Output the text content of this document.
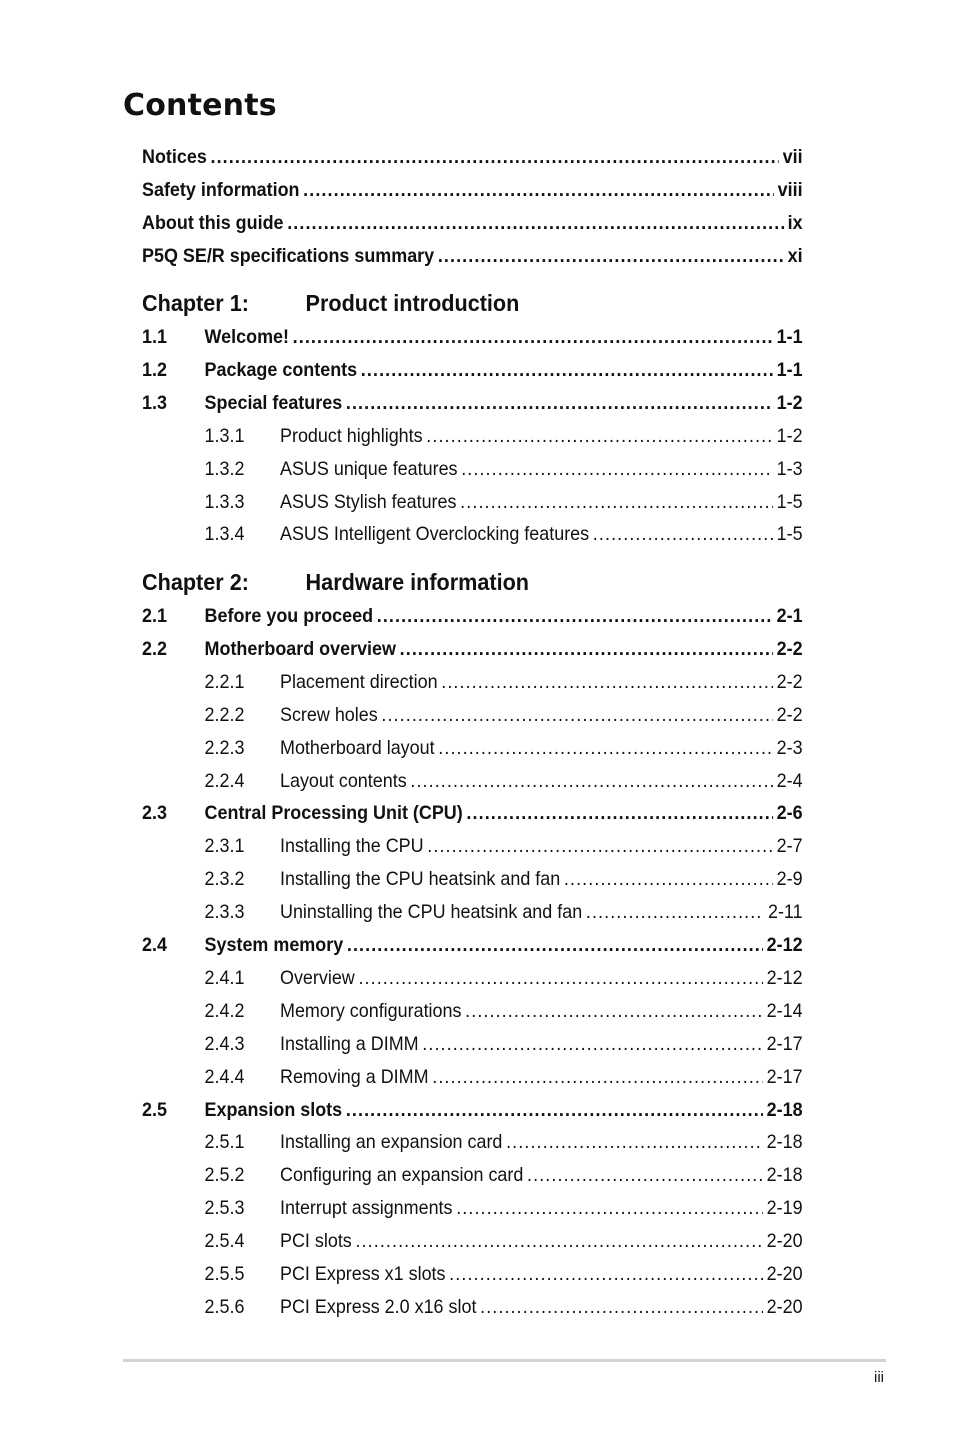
Contents
Notices .....	vii
Safety information .....	viii
About this guide .....	ix
P5Q SE/R specifications summary .....	xi
Chapter 1: Product introduction
1.1	Welcome! .....	1-1
1.2	Package contents .....	1-1
1.3	Special features .....	1-2
1.3.1	Product highlights .....	1-2
1.3.2	ASUS unique features .....	1-3
1.3.3	ASUS Stylish features .....	1-5
1.3.4	ASUS Intelligent Overclocking features .....	1-5
Chapter 2: Hardware information
2.1	Before you proceed .....	2-1
2.2	Motherboard overview .....	2-2
2.2.1	Placement direction .....	2-2
2.2.2	Screw holes .....	2-2
2.2.3	Motherboard layout .....	2-3
2.2.4	Layout contents .....	2-4
2.3	Central Processing Unit (CPU) .....	2-6
2.3.1	Installing the CPU .....	2-7
2.3.2	Installing the CPU heatsink and fan .....	2-9
2.3.3	Uninstalling the CPU heatsink and fan .....	2-11
2.4	System memory .....	2-12
2.4.1	Overview .....	2-12
2.4.2	Memory configurations .....	2-14
2.4.3	Installing a DIMM .....	2-17
2.4.4	Removing a DIMM .....	2-17
2.5	Expansion slots .....	2-18
2.5.1	Installing an expansion card .....	2-18
2.5.2	Configuring an expansion card .....	2-18
2.5.3	Interrupt assignments .....	2-19
2.5.4	PCI slots .....	2-20
2.5.5	PCI Express x1 slots .....	2-20
2.5.6	PCI Express 2.0 x16 slot .....	2-20
iii
